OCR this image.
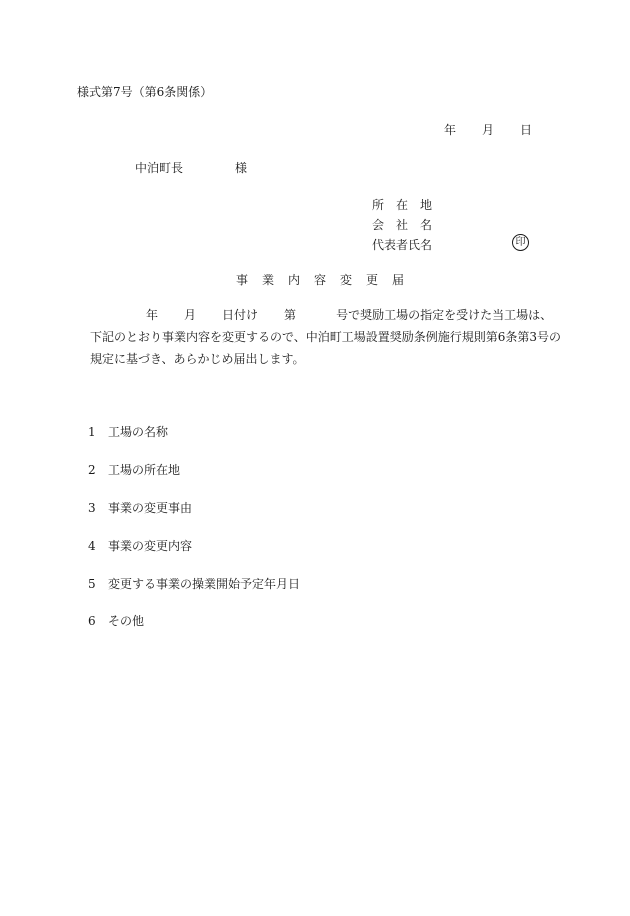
様式第7号（第6条関係）
年 月 日
中泊町長	様
所　在　地
会　社　名
代表者氏名	印
事　業　内　容　変　更　届
年 月 日付け 第	号で奨励工場の指定を受けた当工場は、
下記のとおり事業内容を変更するので、中泊町工場設置奨励条例施行規則第6条第3号の
規定に基づき、あらかじめ届出します。
1 工場の名称
2 工場の所在地
3 事業の変更事由
4 事業の変更内容
5 変更する事業の操業開始予定年月日
6 その他
